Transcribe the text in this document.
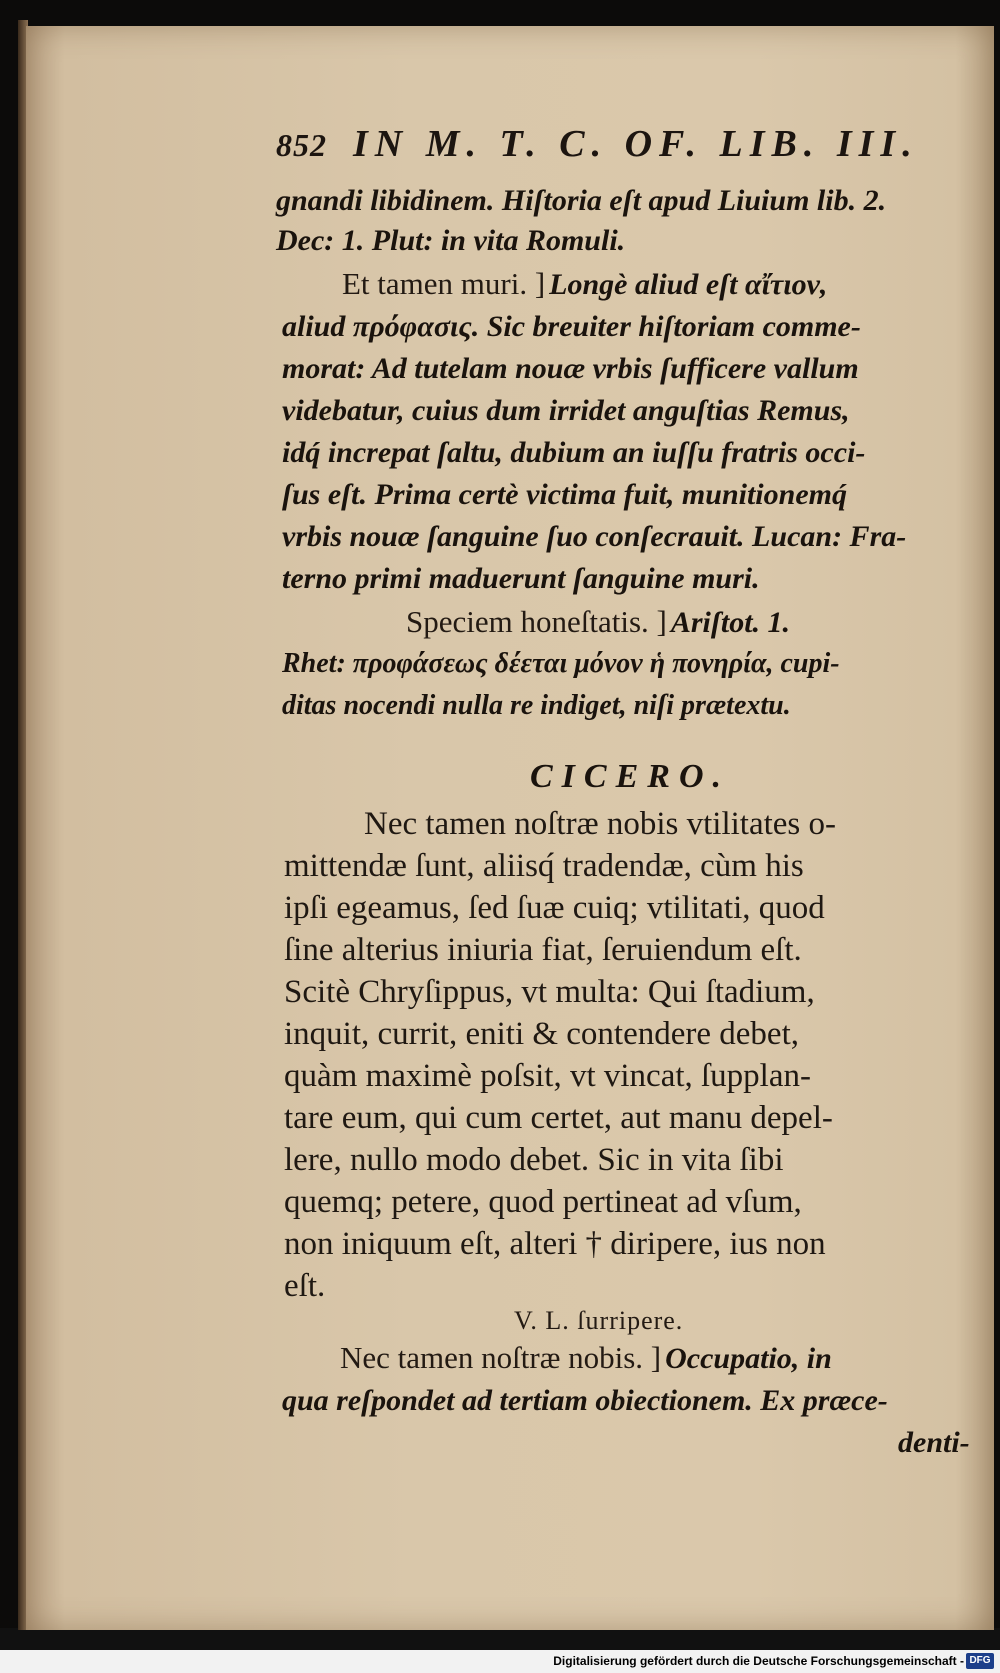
852 IN M. T. C. OF. LIB. III.
gnandi libidinem. Hiſtoria eſt apud Liuium lib. 2.
Dec: 1. Plut: in vita Romuli.
Et tamen muri. ] Longè aliud eſt αἴτιον,
aliud πρόφασις. Sic breuiter hiſtoriam comme-
morat: Ad tutelam nouæ vrbis ſufficere vallum
videbatur, cuius dum irridet anguſtias Remus,
idq́ increpat ſaltu, dubium an iuſſu fratris occi-
ſus eſt. Prima certè victima fuit, munitionemq́
vrbis nouæ ſanguine ſuo conſecrauit. Lucan: Fra-
terno primi maduerunt ſanguine muri.
Speciem honeſtatis. ] Ariſtot. 1.
Rhet: προφάσεως δέεται μόνον ἡ πονηρία, cupi-
ditas nocendi nulla re indiget, niſi prætextu.
CICERO.
Nec tamen noſtræ nobis vtilitates o-
mittendæ ſunt, aliisq́ tradendæ, cùm his
ipſi egeamus, ſed ſuæ cuiq; vtilitati, quod
ſine alterius iniuria fiat, ſeruiendum eſt.
Scitè Chryſippus, vt multa: Qui ſtadium,
inquit, currit, eniti & contendere debet,
quàm maximè poſsit, vt vincat, ſupplan-
tare eum, qui cum certet, aut manu depel-
lere, nullo modo debet. Sic in vita ſibi
quemq; petere, quod pertineat ad vſum,
non iniquum eſt, alteri † diripere, ius non
eſt.
V. L. ſurripere.
Nec tamen noſtræ nobis. ] Occupatio, in
qua reſpondet ad tertiam obiectionem. Ex præce-
denti-
Digitalisierung gefördert durch die Deutsche Forschungsgemeinschaft - DFG
